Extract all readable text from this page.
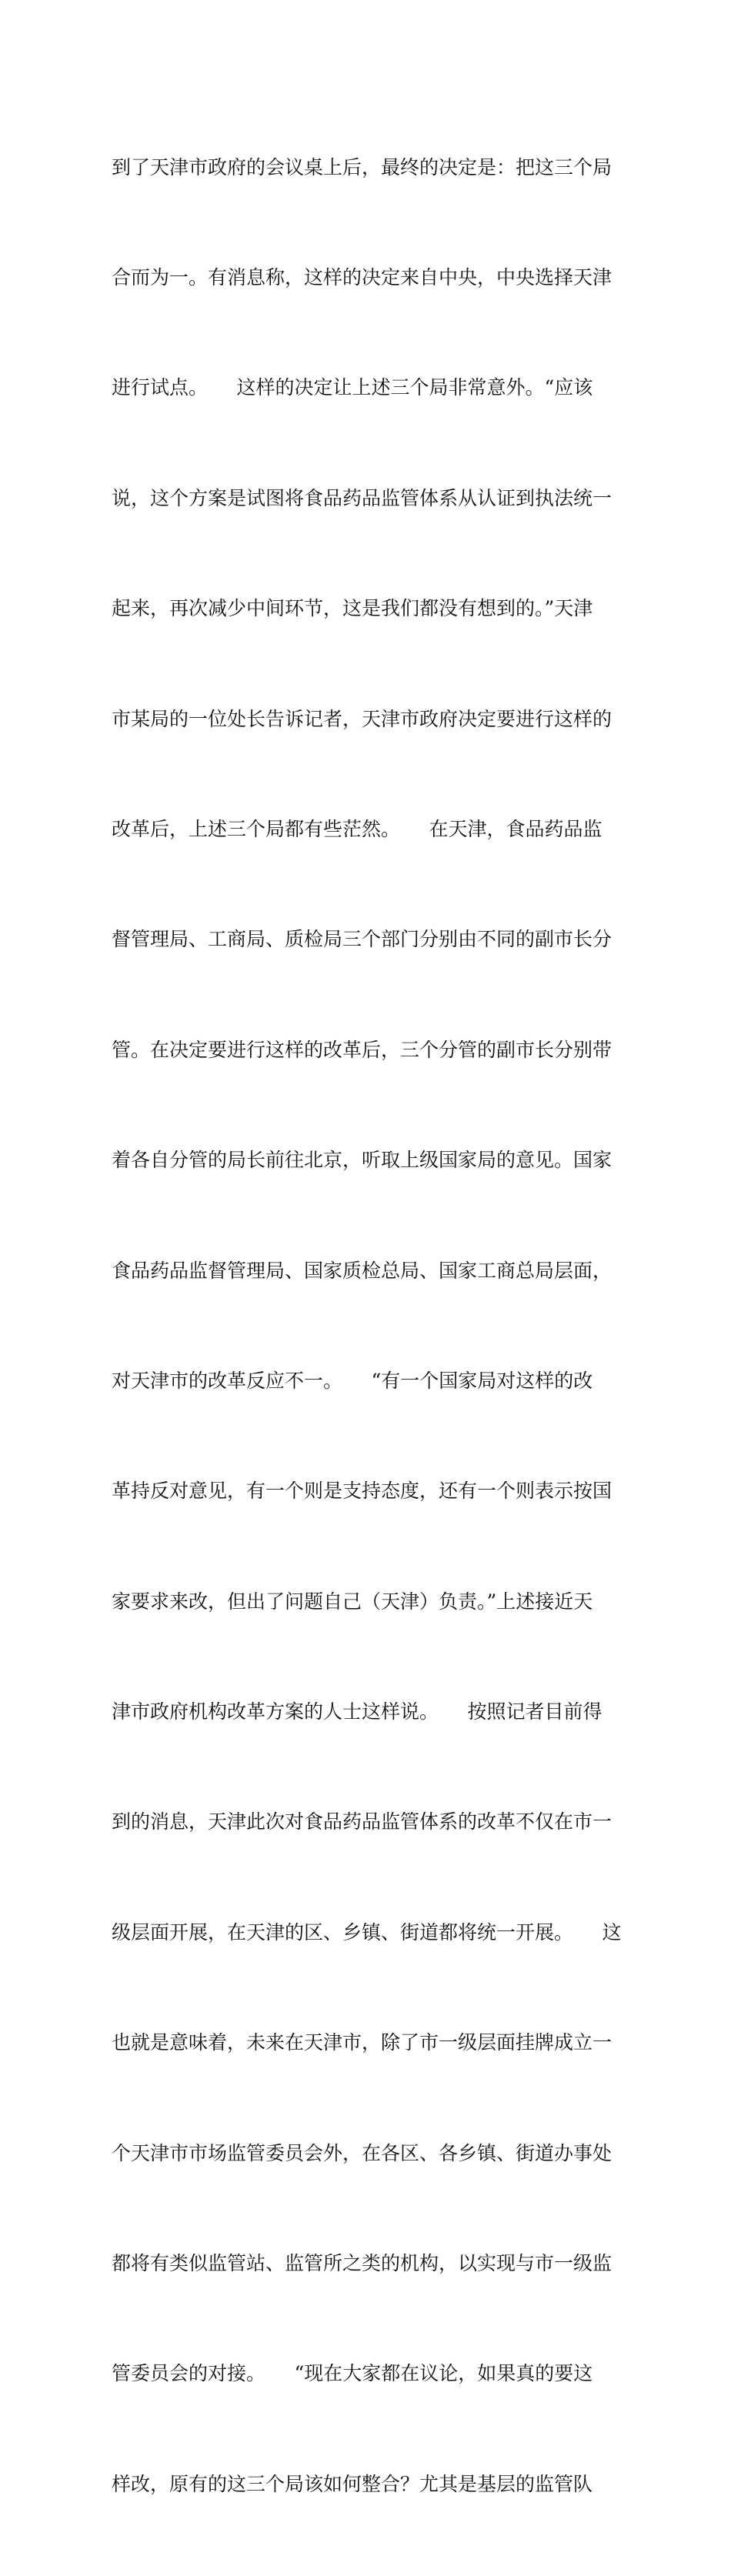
到了天津市政府的会议桌上后，最终的决定是：把这三个局

合而为一。有消息称，这样的决定来自中央，中央选择天津

进行试点。　　这样的决定让上述三个局非常意外。“应该

说，这个方案是试图将食品药品监管体系从认证到执法统一

起来，再次减少中间环节，这是我们都没有想到的。”天津

市某局的一位处长告诉记者，天津市政府决定要进行这样的

改革后，上述三个局都有些茫然。　　在天津，食品药品监

督管理局、工商局、质检局三个部门分别由不同的副市长分

管。在决定要进行这样的改革后，三个分管的副市长分别带

着各自分管的局长前往北京，听取上级国家局的意见。国家

食品药品监督管理局、国家质检总局、国家工商总局层面，

对天津市的改革反应不一。　　“有一个国家局对这样的改

革持反对意见，有一个则是支持态度，还有一个则表示按国

家要求来改，但出了问题自己（天津）负责。”上述接近天

津市政府机构改革方案的人士这样说。　　按照记者目前得

到的消息，天津此次对食品药品监管体系的改革不仅在市一

级层面开展，在天津的区、乡镇、街道都将统一开展。　　这

也就是意味着，未来在天津市，除了市一级层面挂牌成立一

个天津市市场监管委员会外，在各区、各乡镇、街道办事处

都将有类似监管站、监管所之类的机构，以实现与市一级监

管委员会的对接。　　“现在大家都在议论，如果真的要这

样改，原有的这三个局该如何整合？尤其是基层的监管队
